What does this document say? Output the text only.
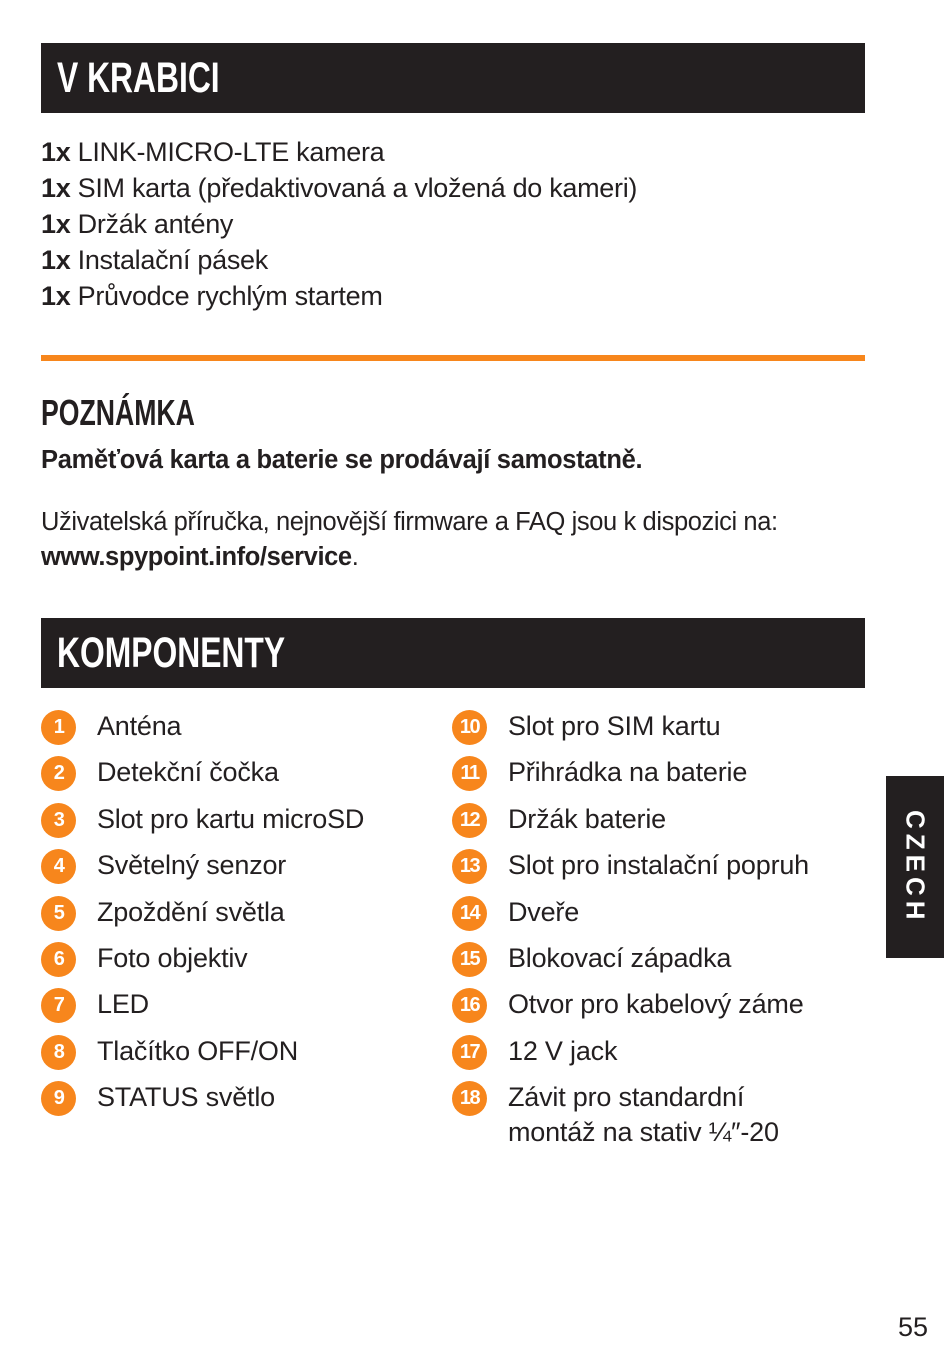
V KRABICI
1x LINK-MICRO-LTE kamera
1x SIM karta (předaktivovaná a vložená do kameri)
1x Držák antény
1x Instalační pásek
1x Průvodce rychlým startem
POZNÁMKA
Paměťová karta a baterie se prodávají samostatně.
Uživatelská příručka, nejnovější firmware a FAQ jsou k dispozici na:
www.spypoint.info/service.
KOMPONENTY
1	Anténa
2	Detekční čočka
3	Slot pro kartu microSD
4	Světelný senzor
5	Zpoždění světla
6	Foto objektiv
7	LED
8	Tlačítko OFF/ON
9	STATUS světlo
10 Slot pro SIM kartu
11	Přihrádka na baterie
12 Držák baterie
13 Slot pro instalační popruh
14 Dveře
15 Blokovací západka
16 Otvor pro kabelový záme
17 12 V jack
18 Závit pro standardní
montáž na stativ ¼″-20
CZECH
55
